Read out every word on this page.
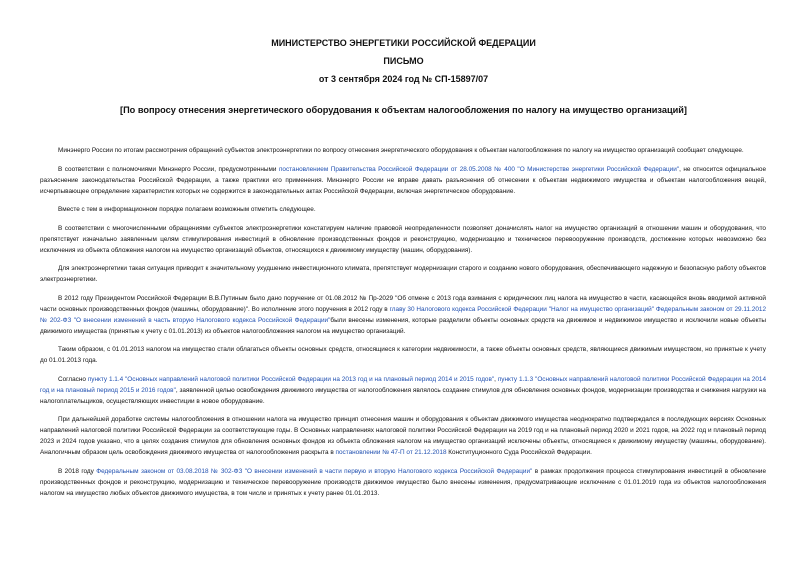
МИНИСТЕРСТВО ЭНЕРГЕТИКИ РОССИЙСКОЙ ФЕДЕРАЦИИ
ПИСЬМО
от 3 сентября 2024 год № СП-15897/07
[По вопросу отнесения энергетического оборудования к объектам налогообложения по налогу на имущество организаций]

Минэнерго России по итогам рассмотрения обращений субъектов электроэнергетики по вопросу отнесения энергетического оборудования к объектам налогообложения по налогу на имущество организаций сообщает следующее.

В соответствии с полномочиями Минэнерго России, предусмотренными постановлением Правительства Российской Федерации от 28.05.2008 № 400 "О Министерстве энергетики Российской Федерации", не относится официальное разъяснение законодательства Российской Федерации, а также практики его применения. Минэнерго России не вправе давать разъяснения об отнесении к объектам недвижимого имущества и объектам налогообложения вещей, исчерпывающее определение характеристик которых не содержится в законодательных актах Российской Федерации, включая энергетическое оборудование.

Вместе с тем в информационном порядке полагаем возможным отметить следующее.

В соответствии с многочисленными обращениями субъектов электроэнергетики констатируем наличие правовой неопределенности позволяет доначислять налог на имущество организаций в отношении машин и оборудования, что препятствует изначально заявленным целям стимулирования инвестиций в обновление производственных фондов и реконструкцию, модернизацию и техническое перевооружение производств, достижение которых невозможно без исключения из объекта обложения налогом на имущество организаций объектов, относящихся к движимому имуществу (машин, оборудования).

Для электроэнергетики такая ситуация приводит к значительному ухудшению инвестиционного климата, препятствует модернизации старого и созданию нового оборудования, обеспечивающего надежную и безопасную работу объектов электроэнергетики.

В 2012 году Президентом Российской Федерации В.В.Путиным было дано поручение от 01.08.2012 № Пр-2029 "Об отмене с 2013 года взимания с юридических лиц налога на имущество в части, касающейся вновь вводимой активной части основных производственных фондов (машины, оборудование)". Во исполнение этого поручения в 2012 году в главу 30 Налогового кодекса Российской Федерации "Налог на имущество организаций" Федеральным законом от 29.11.2012 № 202-ФЗ "О внесении изменений в часть вторую Налогового кодекса Российской Федерации"были внесены изменения, которые разделили объекты основных средств на движимое и недвижимое имущество и исключили новые объекты движимого имущества (принятые к учету с 01.01.2013) из объектов налогообложения налогом на имущество организаций.

Таким образом, с 01.01.2013 налогом на имущество стали облагаться объекты основных средств, относящиеся к категории недвижимости, а также объекты основных средств, являющиеся движимым имуществом, но принятые к учету до 01.01.2013 года.

Согласно пункту 1.1.4 "Основных направлений налоговой политики Российской Федерации на 2013 год и на плановый период 2014 и 2015 годов", пункту 1.1.3 "Основных направлений налоговой политики Российской Федерации на 2014 год и на плановый период 2015 и 2016 годов", заявленной целью освобождения движимого имущества от налогообложения являлось создание стимулов для обновления основных фондов, модернизации производства и снижения нагрузки на налогоплательщиков, осуществляющих инвестиции в новое оборудование.

При дальнейшей доработке системы налогообложения в отношении налога на имущество принцип отнесения машин и оборудования к объектам движимого имущества неоднократно подтверждался в последующих версиях Основных направлений налоговой политики Российской Федерации за соответствующие годы. В Основных направлениях налоговой политики Российской Федерации на 2019 год и на плановый период 2020 и 2021 годов, на 2022 год и плановый период 2023 и 2024 годов указано, что в целях создания стимулов для обновления основных фондов из объекта обложения налогом на имущество организаций исключены объекты, относящиеся к движимому имуществу (машины, оборудование). Аналогичным образом цель освобождения движимого имущества от налогообложения раскрыта в постановлении № 47-П от 21.12.2018 Конституционного Суда Российской Федерации.

В 2018 году Федеральным законом от 03.08.2018 № 302-ФЗ "О внесении изменений в части первую и вторую Налогового кодекса Российской Федерации" в рамках продолжения процесса стимулирования инвестиций в обновление производственных фондов и реконструкцию, модернизацию и техническое перевооружение производств движимое имущество было внесены изменения, предусматривающие исключение с 01.01.2019 года из объектов налогообложения налогом на имущество любых объектов движимого имущества, в том числе и принятых к учету ранее 01.01.2013.
